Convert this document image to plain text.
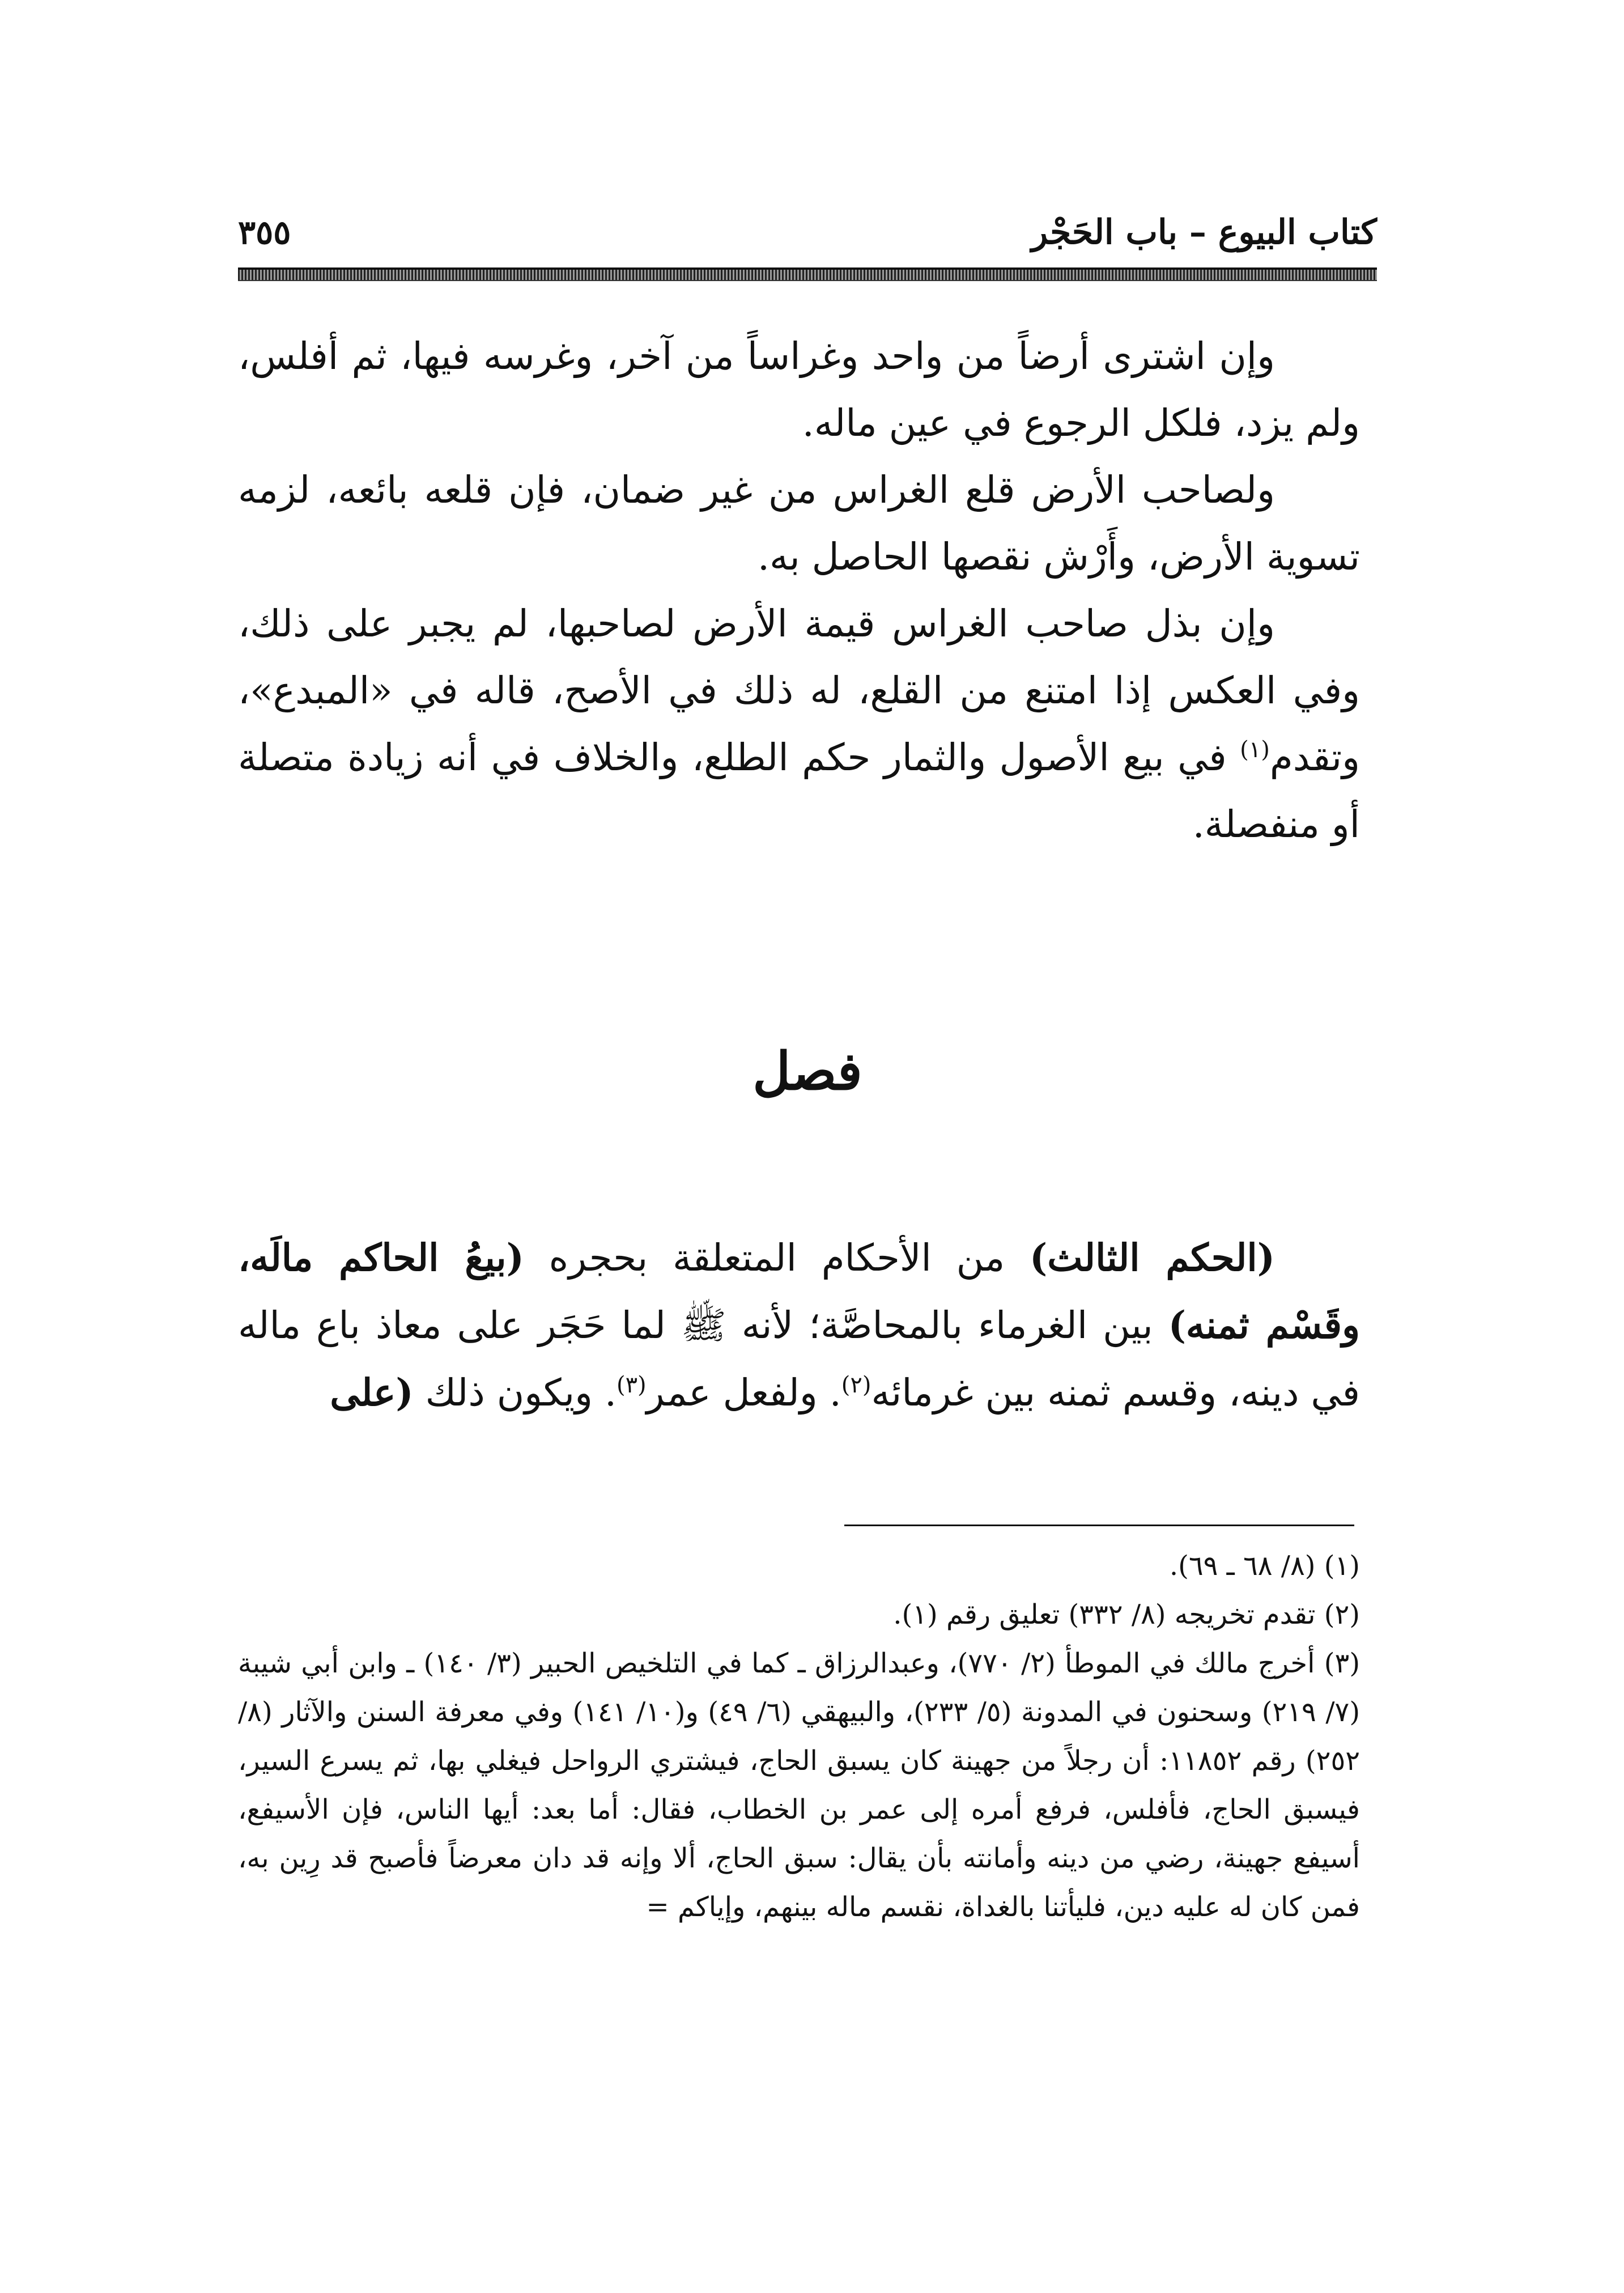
كتاب البيوع – باب الحَجْر
٣٥٥

وإن اشترى أرضاً من واحد وغراساً من آخر، وغرسه فيها، ثم أفلس، ولم يزد، فلكل الرجوع في عين ماله.

ولصاحب الأرض قلع الغراس من غير ضمان، فإن قلعه بائعه، لزمه تسوية الأرض، وأَرْش نقصها الحاصل به.

وإن بذل صاحب الغراس قيمة الأرض لصاحبها، لم يجبر على ذلك، وفي العكس إذا امتنع من القلع، له ذلك في الأصح، قاله في «المبدع»، وتقدم$^{(١)}$ في بيع الأصول والثمار حكم الطلع، والخلاف في أنه زيادة متصلة أو منفصلة.

فصل

(الحكم الثالث) من الأحكام المتعلقة بحجره (بيعُ الحاكم مالَه، وقَسْم ثمنه) بين الغرماء بالمحاصَّة؛ لأنه ﷺ لما حَجَر على معاذ باع ماله في دينه، وقسم ثمنه بين غرمائه$^{(٢)}$. ولفعل عمر$^{(٣)}$. ويكون ذلك (على

(١) (٨/ ٦٨ ـ ٦٩).

(٢) تقدم تخريجه (٨/ ٣٣٢) تعليق رقم (١).

(٣) أخرج مالك في الموطأ (٢/ ٧٧٠)، وعبدالرزاق ـ كما في التلخيص الحبير (٣/ ١٤٠) ـ وابن أبي شيبة (٧/ ٢١٩) وسحنون في المدونة (٥/ ٢٣٣)، والبيهقي (٦/ ٤٩) و(١٠/ ١٤١) وفي معرفة السنن والآثار (٨/ ٢٥٢) رقم ١١٨٥٢: أن رجلاً من جهينة كان يسبق الحاج، فيشتري الرواحل فيغلي بها، ثم يسرع السير، فيسبق الحاج، فأفلس، فرفع أمره إلى عمر بن الخطاب، فقال: أما بعد: أيها الناس، فإن الأسيفع، أسيفع جهينة، رضي من دينه وأمانته بأن يقال: سبق الحاج، ألا وإنه قد دان معرضاً فأصبح قد رِين به، فمن كان له عليه دين، فليأتنا بالغداة، نقسم ماله بينهم، وإياكم =
